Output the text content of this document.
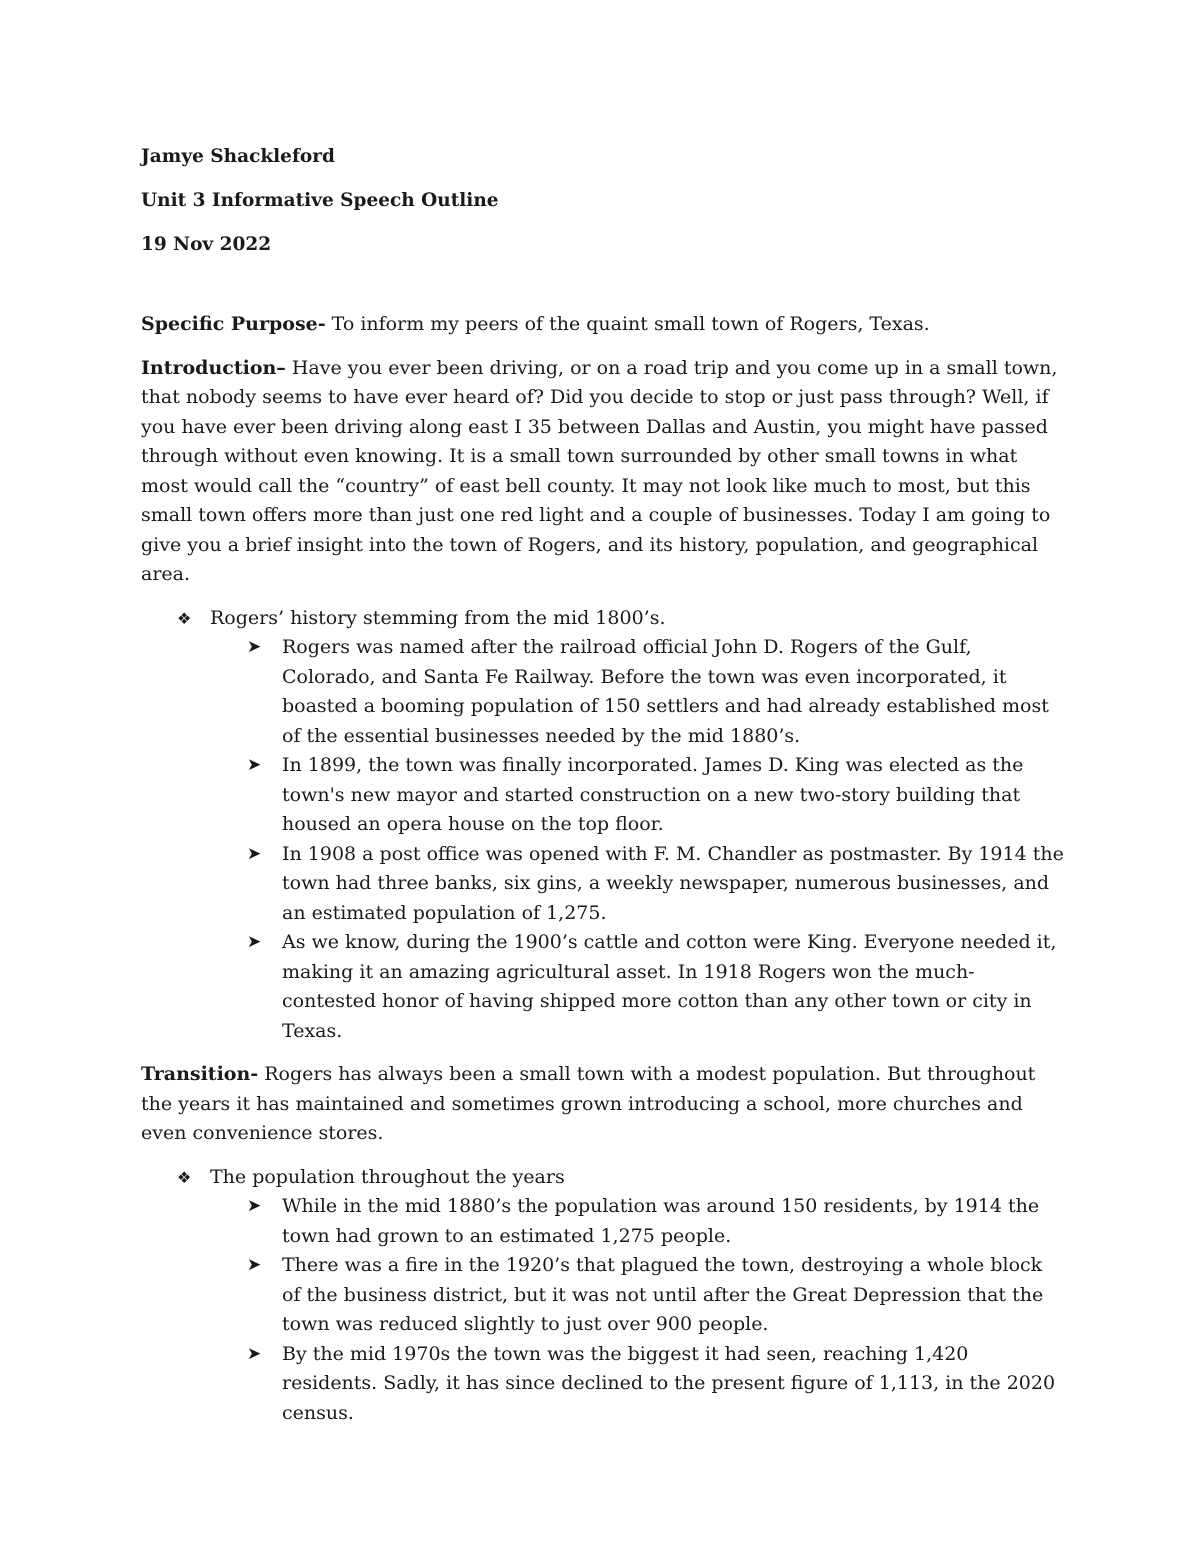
Jamye Shackleford

Unit 3 Informative Speech Outline

19 Nov 2022

Specific Purpose- To inform my peers of the quaint small town of Rogers, Texas.

Introduction– Have you ever been driving, or on a road trip and you come up in a small town, that nobody seems to have ever heard of? Did you decide to stop or just pass through? Well, if you have ever been driving along east I 35 between Dallas and Austin, you might have passed through without even knowing. It is a small town surrounded by other small towns in what most would call the “country” of east bell county. It may not look like much to most, but this small town offers more than just one red light and a couple of businesses. Today I am going to give you a brief insight into the town of Rogers, and its history, population, and geographical area.

❖ Rogers’ history stemming from the mid 1800’s.

➤ Rogers was named after the railroad official John D. Rogers of the Gulf, Colorado, and Santa Fe Railway. Before the town was even incorporated, it boasted a booming population of 150 settlers and had already established most of the essential businesses needed by the mid 1880’s.

➤ In 1899, the town was finally incorporated. James D. King was elected as the town's new mayor and started construction on a new two-story building that housed an opera house on the top floor.

➤ In 1908 a post office was opened with F. M. Chandler as postmaster. By 1914 the town had three banks, six gins, a weekly newspaper, numerous businesses, and an estimated population of 1,275.

➤ As we know, during the 1900’s cattle and cotton were King. Everyone needed it, making it an amazing agricultural asset. In 1918 Rogers won the much-contested honor of having shipped more cotton than any other town or city in Texas.

Transition- Rogers has always been a small town with a modest population. But throughout the years it has maintained and sometimes grown introducing a school, more churches and even convenience stores.

❖ The population throughout the years

➤ While in the mid 1880’s the population was around 150 residents, by 1914 the town had grown to an estimated 1,275 people.

➤ There was a fire in the 1920’s that plagued the town, destroying a whole block of the business district, but it was not until after the Great Depression that the town was reduced slightly to just over 900 people.

➤ By the mid 1970s the town was the biggest it had seen, reaching 1,420 residents. Sadly, it has since declined to the present figure of 1,113, in the 2020 census.
